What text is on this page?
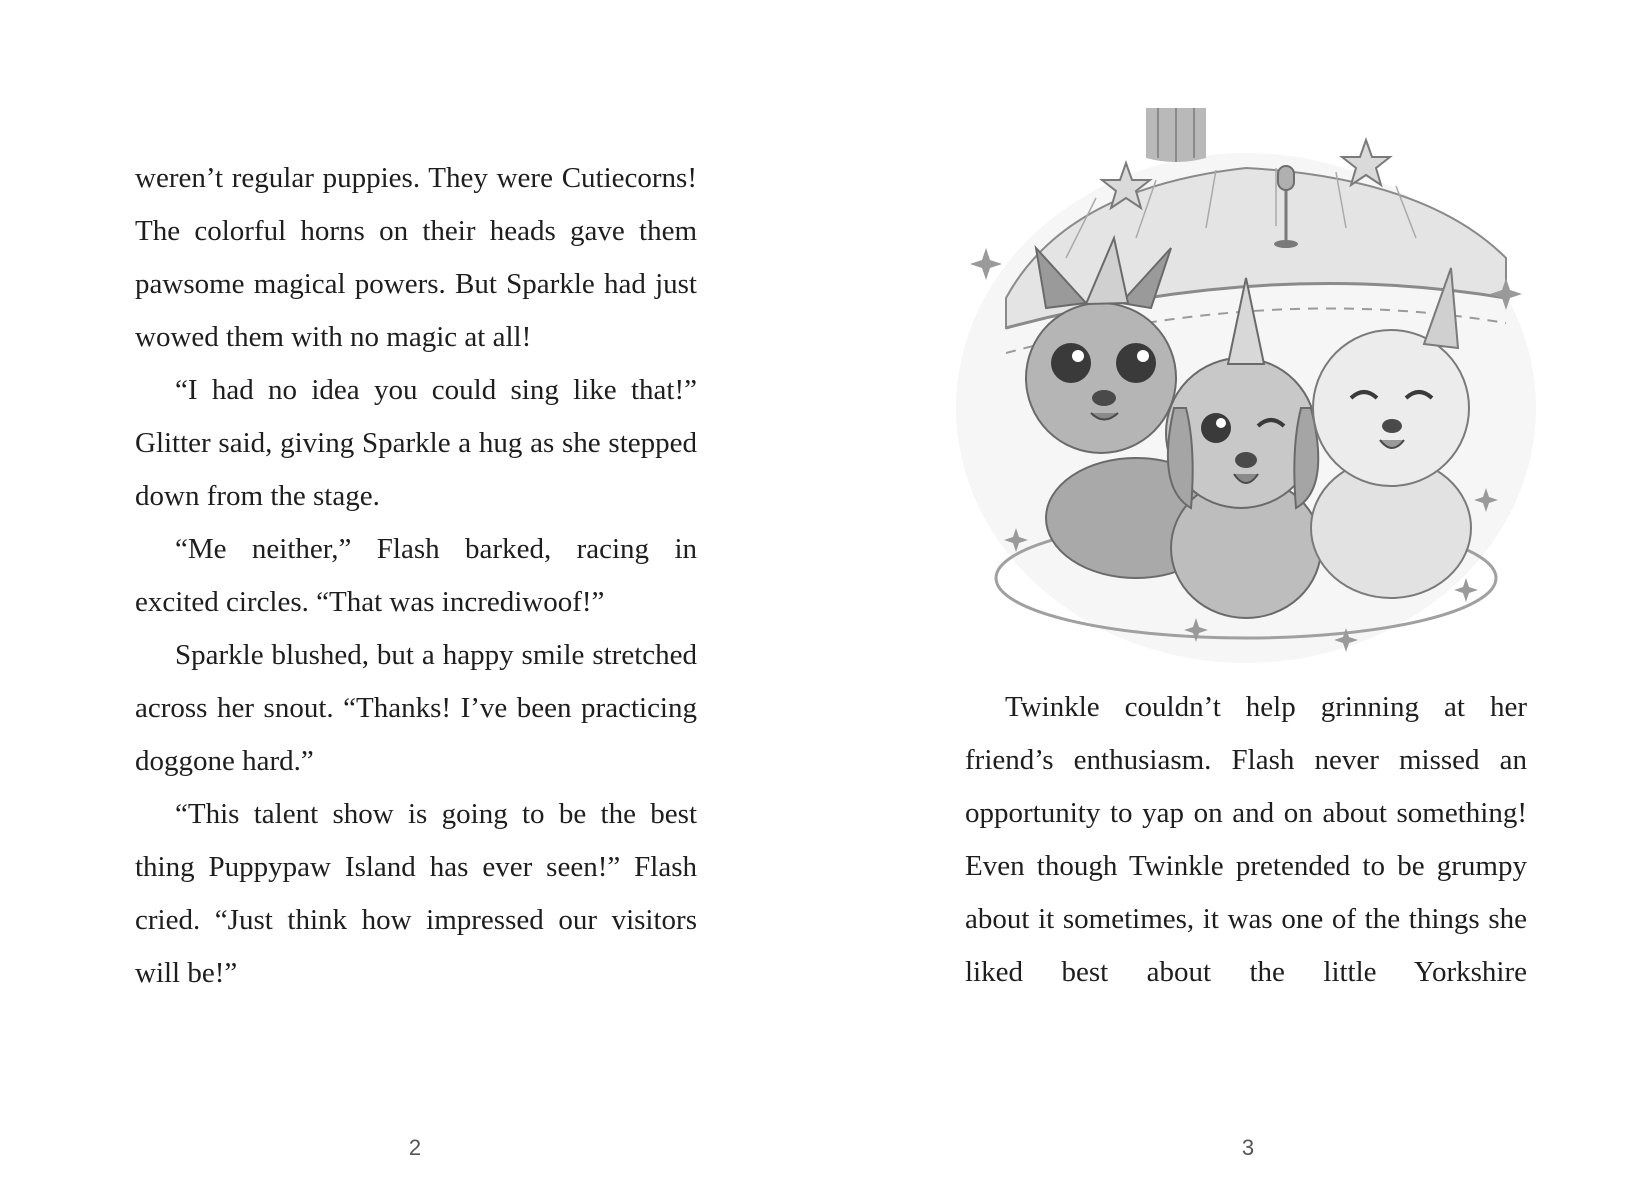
weren’t regular puppies. They were Cutiecorns! The colorful horns on their heads gave them pawsome magical powers. But Sparkle had just wowed them with no magic at all!

“I had no idea you could sing like that!” Glitter said, giving Sparkle a hug as she stepped down from the stage.

“Me neither,” Flash barked, racing in excited circles. “That was incrediwoof!”

Sparkle blushed, but a happy smile stretched across her snout. “Thanks! I’ve been practicing doggone hard.”

“This talent show is going to be the best thing Puppypaw Island has ever seen!” Flash cried. “Just think how impressed our visitors will be!”

2

Twinkle couldn’t help grinning at her friend’s enthusiasm. Flash never missed an opportunity to yap on and on about something! Even though Twinkle pretended to be grumpy about it sometimes, it was one of the things she liked best about the little Yorkshire

3
